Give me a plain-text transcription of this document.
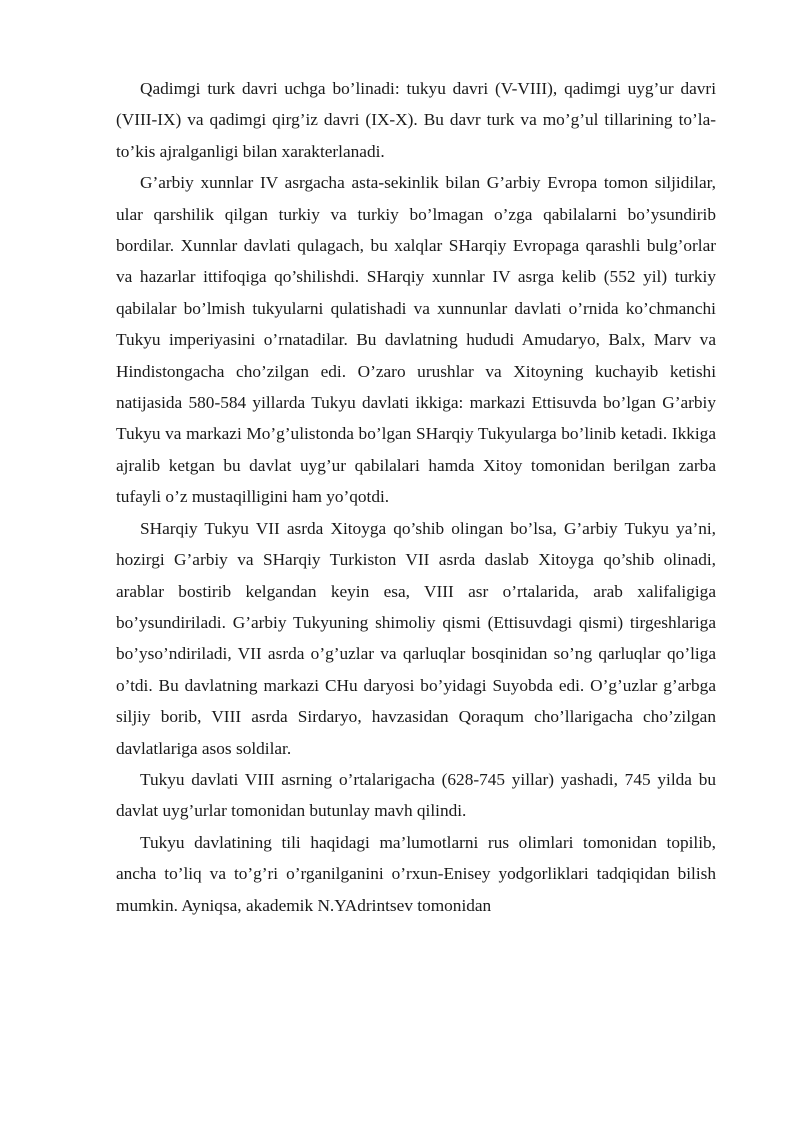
Qadimgi turk davri uchga bo’linadi: tukyu davri (V-VIII), qadimgi uyg’ur davri (VIII-IX) va qadimgi qirg’iz davri (IX-X). Bu davr turk va mo’g’ul tillarining to’la-to’kis ajralganligi bilan xarakterlanadi.

G’arbiy xunnlar IV asrgacha asta-sekinlik bilan G’arbiy Evropa tomon siljidilar, ular qarshilik qilgan turkiy va turkiy bo’lmagan o’zga qabilalarni bo’ysundirib bordilar. Xunnlar davlati qulagach, bu xalqlar SHarqiy Evropaga qarashli bulg’orlar va hazarlar ittifoqiga qo’shilishdi. SHarqiy xunnlar IV asrga kelib (552 yil) turkiy qabilalar bo’lmish tukyularni qulatishadi va xunnunlar davlati o’rnida ko’chmanchi Tukyu imperiyasini o’rnatadilar. Bu davlatning hududi Amudaryo, Balx, Marv va Hindistongacha cho’zilgan edi. O’zaro urushlar va Xitoyning kuchayib ketishi natijasida 580-584 yillarda Tukyu davlati ikkiga: markazi Ettisuvda bo’lgan G’arbiy Tukyu va markazi Mo’g’ulistonda bo’lgan SHarqiy Tukyularga bo’linib ketadi. Ikkiga ajralib ketgan bu davlat uyg’ur qabilalari hamda Xitoy tomonidan berilgan zarba tufayli o’z mustaqilligini ham yo’qotdi.

SHarqiy Tukyu VII asrda Xitoyga qo’shib olingan bo’lsa, G’arbiy Tukyu ya’ni, hozirgi G’arbiy va SHarqiy Turkiston VII asrda daslab Xitoyga qo’shib olinadi, arablar bostirib kelgandan keyin esa, VIII asr o’rtalarida, arab xalifaligiga bo’ysundiriladi. G’arbiy Tukyuning shimoliy qismi (Ettisuvdagi qismi) tirgeshlariga bo’yso’ndiriladi, VII asrda o’g’uzlar va qarluqlar bosqinidan so’ng qarluqlar qo’liga o’tdi. Bu davlatning markazi CHu daryosi bo’yidagi Suyobda edi. O’g’uzlar g’arbga siljiy borib, VIII asrda Sirdaryo, havzasidan Qoraqum cho’llarigacha cho’zilgan davlatlariga asos soldilar.

Tukyu davlati VIII asrning o’rtalarigacha (628-745 yillar) yashadi, 745 yilda bu davlat uyg’urlar tomonidan butunlay mavh qilindi.

Tukyu davlatining tili haqidagi ma’lumotlarni rus olimlari tomonidan topilib, ancha to’liq va to’g’ri o’rganilganini o’rxun-Enisey yodgorliklari tadqiqidan bilish mumkin. Ayniqsa, akademik N.YAdrintsev tomonidan
